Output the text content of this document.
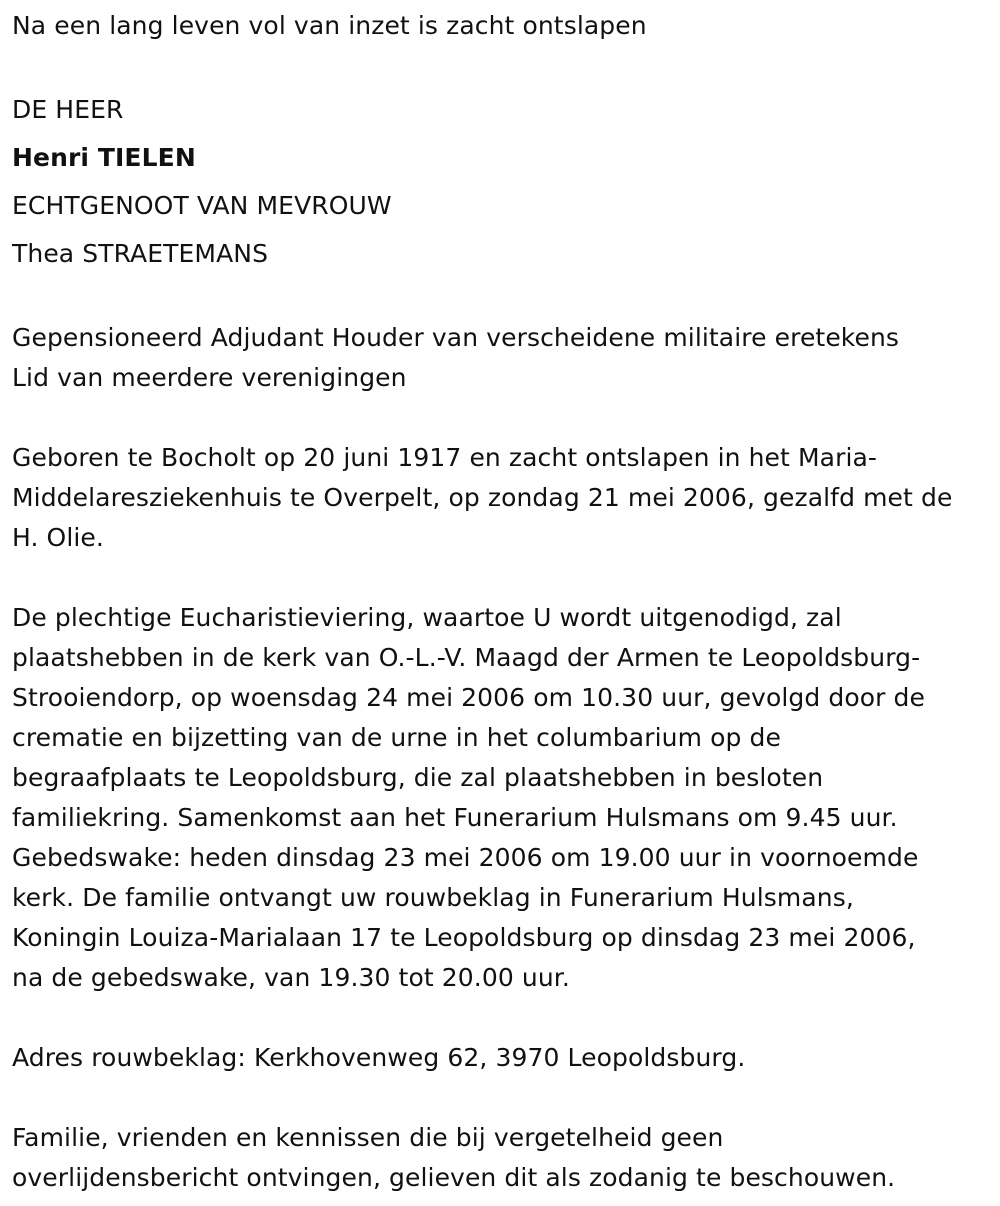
Na een lang leven vol van inzet is zacht ontslapen
DE HEER
Henri TIELEN
ECHTGENOOT VAN MEVROUW
Thea STRAETEMANS
Gepensioneerd Adjudant Houder van verscheidene militaire eretekens
Lid van meerdere verenigingen
Geboren te Bocholt op 20 juni 1917 en zacht ontslapen in het Maria-
Middelaresziekenhuis te Overpelt, op zondag 21 mei 2006, gezalfd met de
H. Olie.
De plechtige Eucharistieviering, waartoe U wordt uitgenodigd, zal
plaatshebben in de kerk van O.-L.-V. Maagd der Armen te Leopoldsburg-
Strooiendorp, op woensdag 24 mei 2006 om 10.30 uur, gevolgd door de
crematie en bijzetting van de urne in het columbarium op de
begraafplaats te Leopoldsburg, die zal plaatshebben in besloten
familiekring. Samenkomst aan het Funerarium Hulsmans om 9.45 uur.
Gebedswake: heden dinsdag 23 mei 2006 om 19.00 uur in voornoemde
kerk. De familie ontvangt uw rouwbeklag in Funerarium Hulsmans,
Koningin Louiza-Marialaan 17 te Leopoldsburg op dinsdag 23 mei 2006,
na de gebedswake, van 19.30 tot 20.00 uur.
Adres rouwbeklag: Kerkhovenweg 62, 3970 Leopoldsburg.
Familie, vrienden en kennissen die bij vergetelheid geen
overlijdensbericht ontvingen, gelieven dit als zodanig te beschouwen.
